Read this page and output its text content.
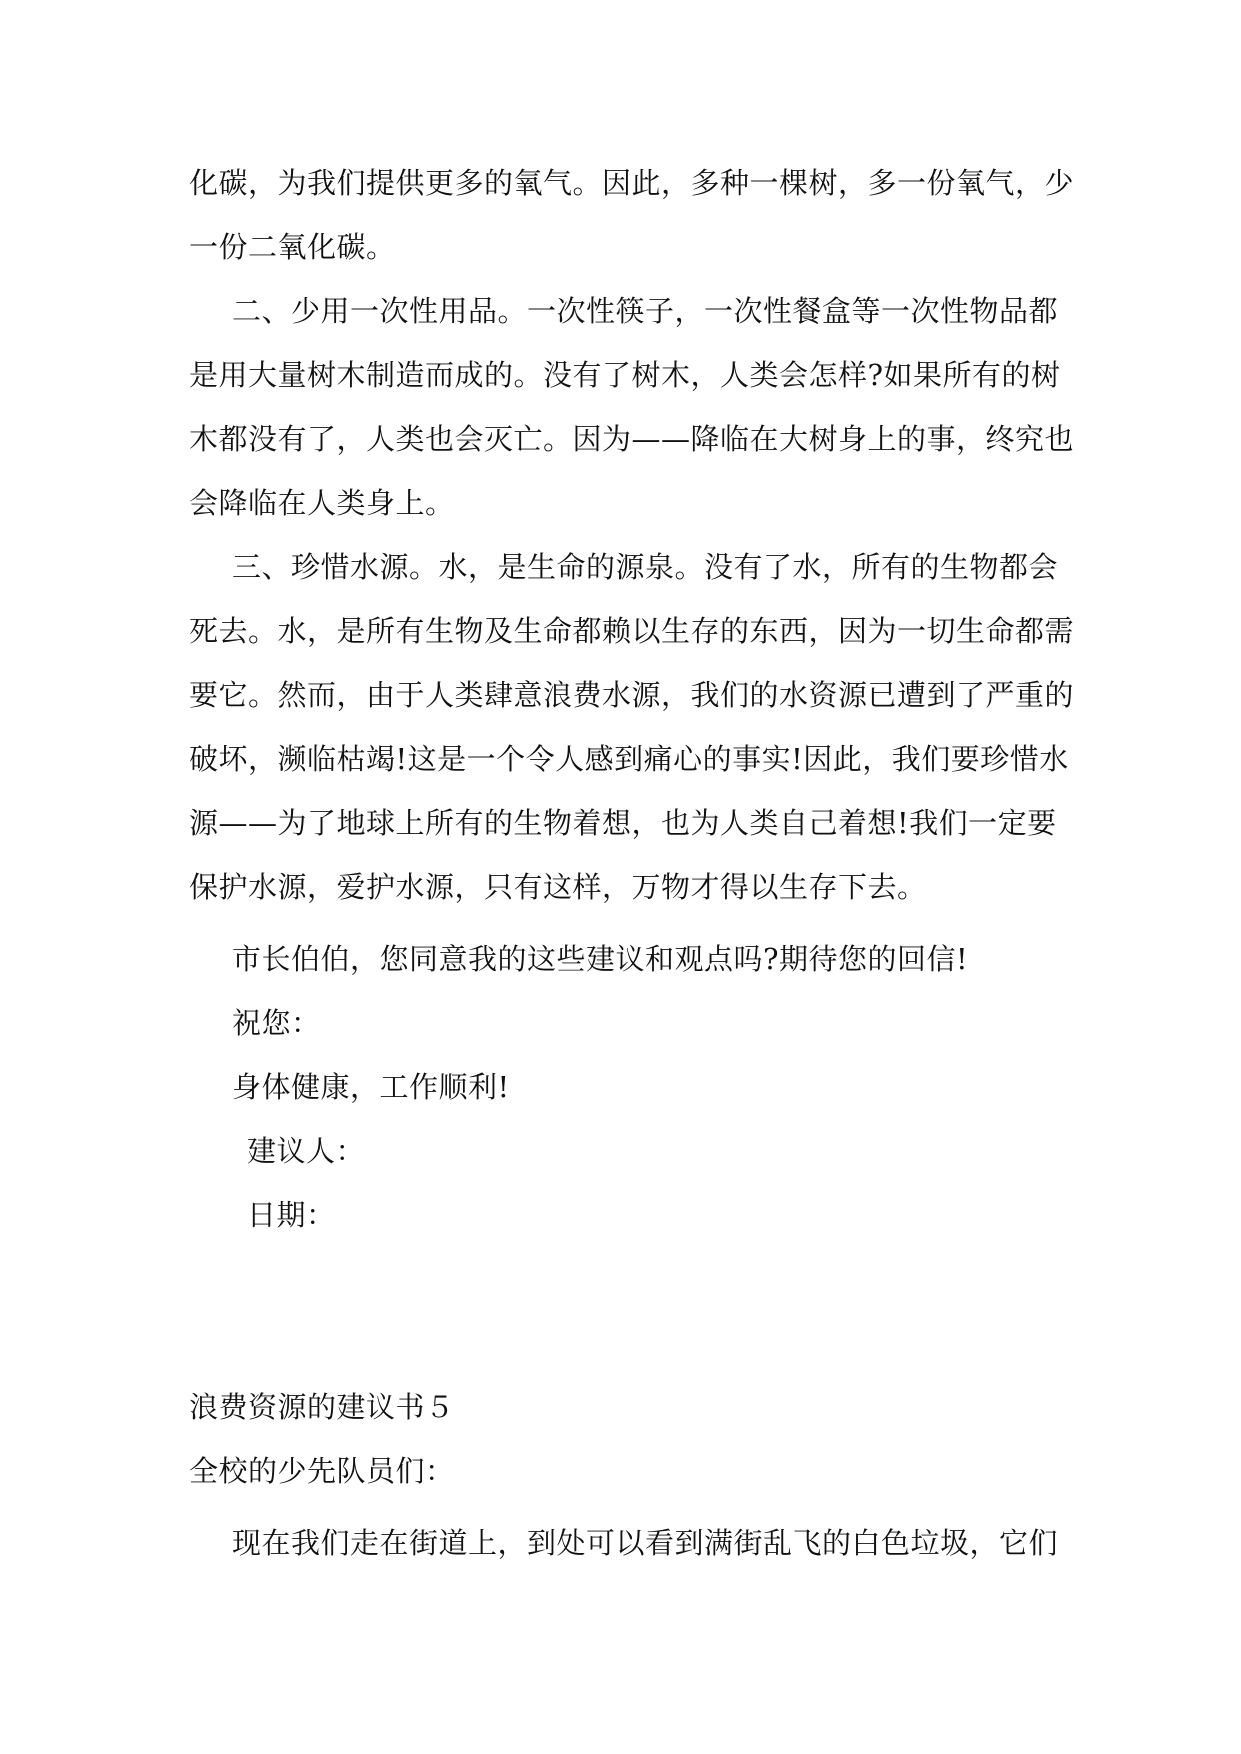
化碳，为我们提供更多的氧气。因此，多种一棵树，多一份氧气，少
一份二氧化碳。
二、少用一次性用品。一次性筷子，一次性餐盒等一次性物品都
是用大量树木制造而成的。没有了树木，人类会怎样?如果所有的树
木都没有了，人类也会灭亡。因为——降临在大树身上的事，终究也
会降临在人类身上。
三、珍惜水源。水，是生命的源泉。没有了水，所有的生物都会
死去。水，是所有生物及生命都赖以生存的东西，因为一切生命都需
要它。然而，由于人类肆意浪费水源，我们的水资源已遭到了严重的
破坏，濒临枯竭!这是一个令人感到痛心的事实!因此，我们要珍惜水
源——为了地球上所有的生物着想，也为人类自己着想!我们一定要
保护水源，爱护水源，只有这样，万物才得以生存下去。
市长伯伯，您同意我的这些建议和观点吗?期待您的回信!
祝您：
身体健康，工作顺利!
建议人：
日期：
浪费资源的建议书５
全校的少先队员们：
现在我们走在街道上，到处可以看到满街乱飞的白色垃圾，它们
